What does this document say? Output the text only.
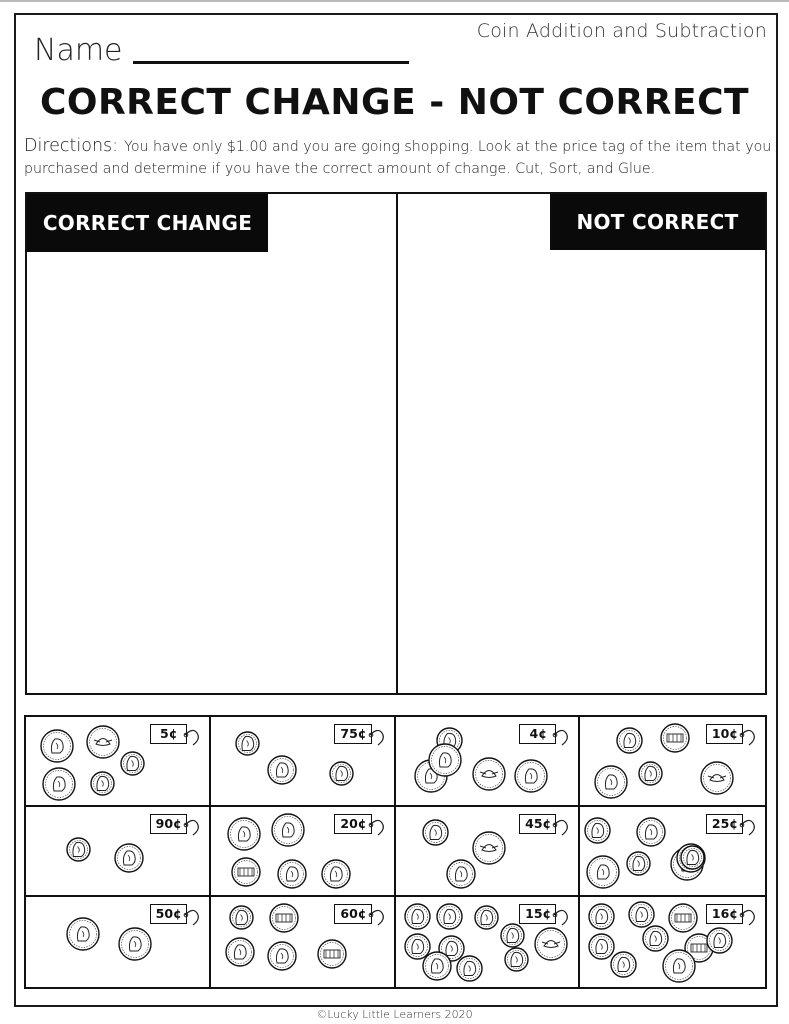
Coin Addition and Subtraction
Name
CORRECT CHANGE - NOT CORRECT
Directions: You have only $1.00 and you are going shopping. Look at the price tag of the item that you purchased and determine if you have the correct amount of change. Cut, Sort, and Glue.
CORRECT CHANGE	NOT CORRECT
5¢	75¢	4¢	10¢
90¢	20¢	45¢	25¢
50¢	60¢	15¢	16¢
©Lucky Little Learners 2020
